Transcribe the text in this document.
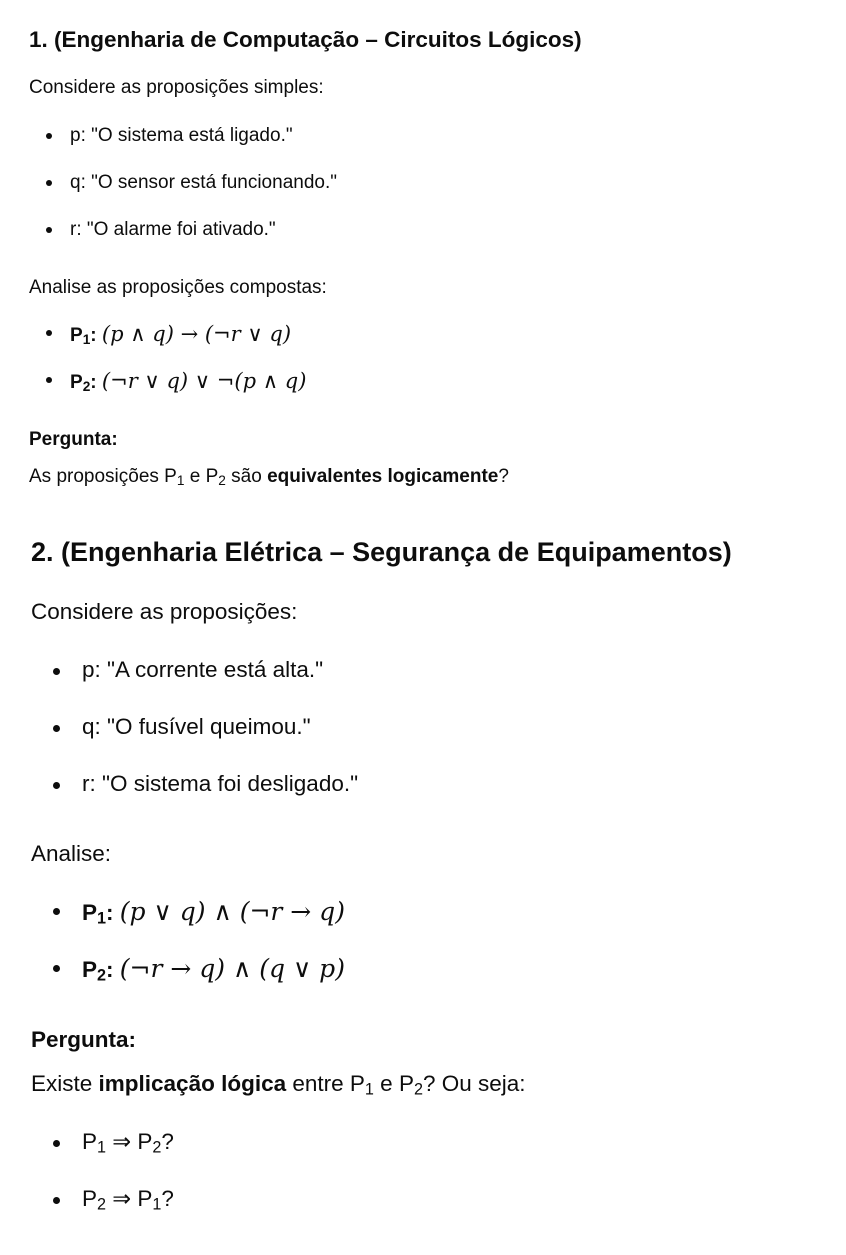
1. (Engenharia de Computação – Circuitos Lógicos)

Considere as proposições simples:

p: "O sistema está ligado."
q: "O sensor está funcionando."
r: "O alarme foi ativado."

Analise as proposições compostas:

$P_1$: (p ∧ q) → (¬r ∨ q)
$P_2$: (¬r ∨ q) ∨ ¬(p ∧ q)

Pergunta:

As proposições $P_1$ e $P_2$ são equivalentes logicamente?

2. (Engenharia Elétrica – Segurança de Equipamentos)

Considere as proposições:

p: "A corrente está alta."
q: "O fusível queimou."
r: "O sistema foi desligado."

Analise:

$P_1$: (p ∨ q) ∧ (¬r → q)
$P_2$: (¬r → q) ∧ (q ∨ p)

Pergunta:

Existe implicação lógica entre $P_1$ e $P_2$? Ou seja:

$P_1$ ⇒ $P_2$?
$P_2$ ⇒ $P_1$?
